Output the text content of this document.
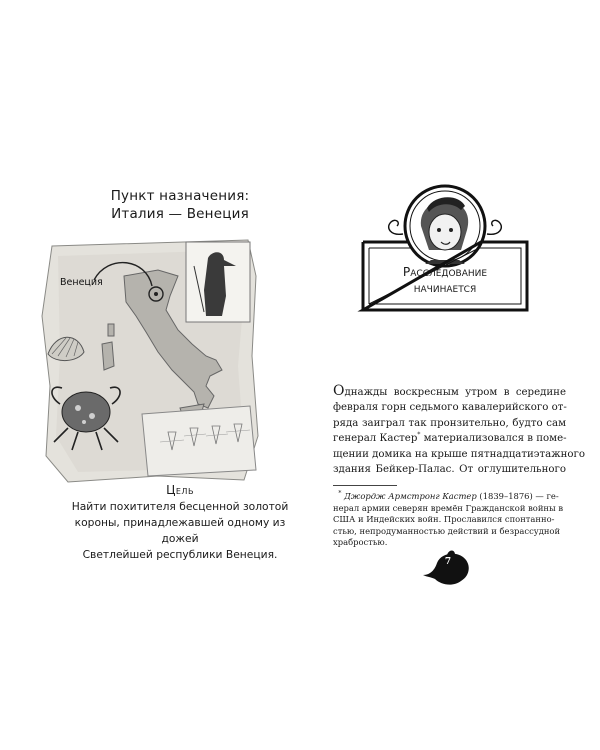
Пункт назначения:
Италия — Венеция
Венеция
Цель
Найти похитителя бесценной золотой
короны, принадлежавшей одному из дожей
Светлейшей республики Венеция.
Расследование
начинается
Однажды воскресным утром в середине
февраля горн седьмого кавалерийского от-
ряда заиграл так пронзительно, будто сам
генерал Кастер* материализовался в поме-
щении домика на крыше пятнадцатиэтажного
здания Бейкер-Палас. От оглушительного
* Джордж Армстронг Кастер (1839–1876) — ге-
нерал армии северян времён Гражданской войны в
США и Индейских войн. Прославился спонтанно-
стью, непродуманностью действий и безрассудной
храбростью.
7
